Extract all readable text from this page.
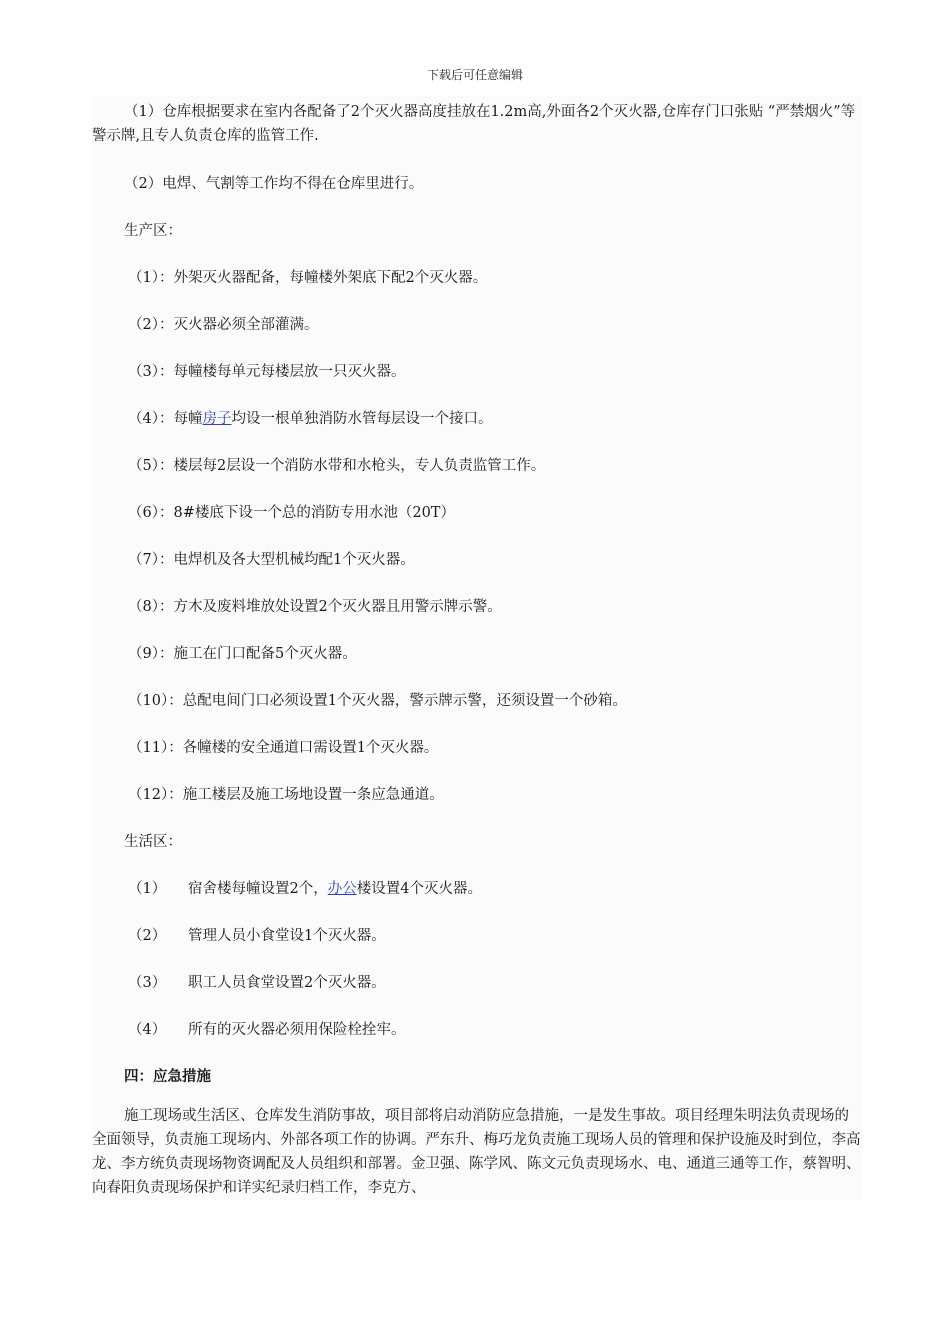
下载后可任意编辑

（1）仓库根据要求在室内各配备了2个灭火器高度挂放在1.2m高,外面各2个灭火器,仓库存门口张贴 “严禁烟火”等警示牌,且专人负责仓库的监管工作.

（2）电焊、气割等工作均不得在仓库里进行。

生产区：

（1）：外架灭火器配备，每幢楼外架底下配2个灭火器。

（2）：灭火器必须全部灌满。

（3）：每幢楼每单元每楼层放一只灭火器。

（4）：每幢房子均设一根单独消防水管每层设一个接口。

（5）：楼层每2层设一个消防水带和水枪头，专人负责监管工作。

（6）：8#楼底下设一个总的消防专用水池（20T）

（7）：电焊机及各大型机械均配1个灭火器。

（8）：方木及废料堆放处设置2个灭火器且用警示牌示警。

（9）：施工在门口配备5个灭火器。

（10）：总配电间门口必须设置1个灭火器，警示牌示警，还须设置一个砂箱。

（11）：各幢楼的安全通道口需设置1个灭火器。

（12）：施工楼层及施工场地设置一条应急通道。

生活区：

（1）   宿舍楼每幢设置2个，办公楼设置4个灭火器。

（2）   管理人员小食堂设1个灭火器。

（3）   职工人员食堂设置2个灭火器。

（4）   所有的灭火器必须用保险栓拴牢。

四：应急措施

施工现场或生活区、仓库发生消防事故，项目部将启动消防应急措施，一是发生事故。项目经理朱明法负责现场的全面领导，负责施工现场内、外部各项工作的协调。严东升、梅巧龙负责施工现场人员的管理和保护设施及时到位，李高龙、李方统负责现场物资调配及人员组织和部署。金卫强、陈学风、陈文元负责现场水、电、通道三通等工作，蔡智明、向春阳负责现场保护和详实纪录归档工作，李克方、
